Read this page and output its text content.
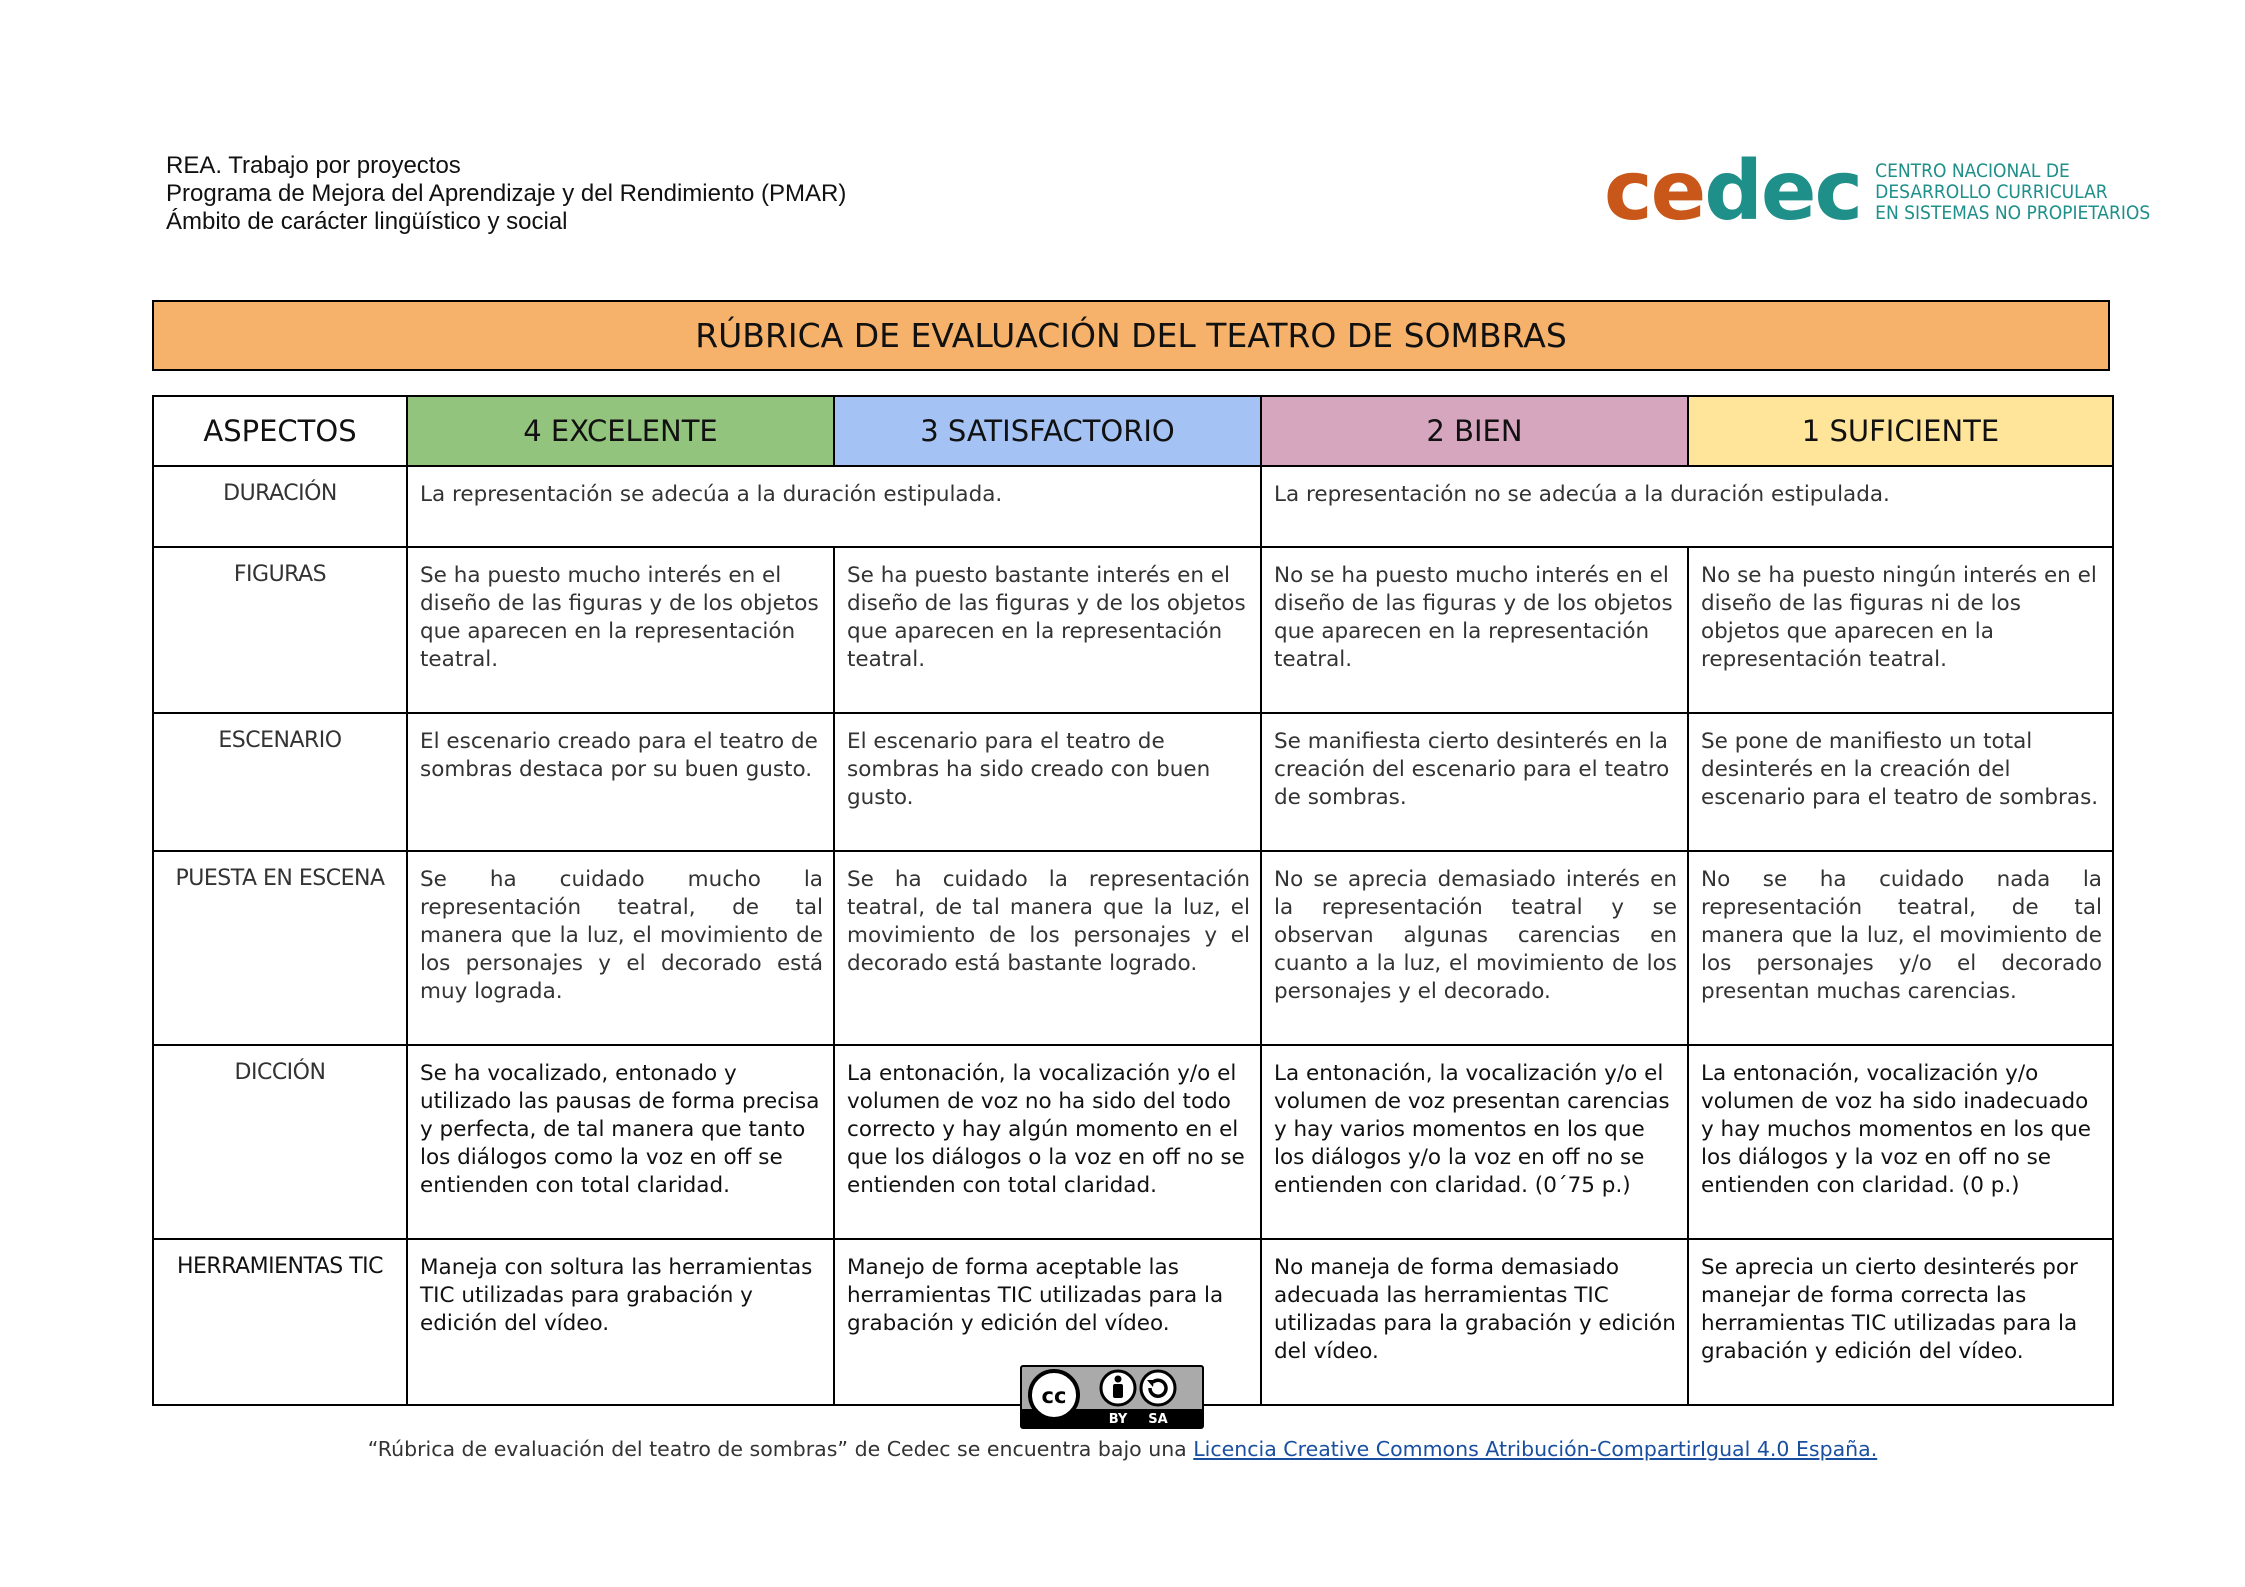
REA. Trabajo por proyectos
Programa de Mejora del Aprendizaje y del Rendimiento (PMAR)
Ámbito de carácter lingüístico y social	cedec CENTRO NACIONAL DE
DESARROLLO CURRICULAR
EN SISTEMAS NO PROPIETARIOS
RÚBRICA DE EVALUACIÓN DEL TEATRO DE SOMBRAS
ASPECTOS	4 EXCELENTE	3 SATISFACTORIO	2 BIEN	1 SUFICIENTE
DURACIÓN	La representación se adecúa a la duración estipulada.		La representación no se adecúa a la duración estipulada.	
FIGURAS	Se ha puesto mucho interés en el diseño de las figuras y de los objetos que aparecen en la representación teatral.	Se ha puesto bastante interés en el diseño de las figuras y de los objetos que aparecen en la representación teatral.	No se ha puesto mucho interés en el diseño de las figuras y de los objetos que aparecen en la representación teatral.	No se ha puesto ningún interés en el diseño de las figuras ni de los objetos que aparecen en la representación teatral.
ESCENARIO	El escenario creado para el teatro de sombras destaca por su buen gusto.	El escenario para el teatro de sombras ha sido creado con buen gusto.	Se manifiesta cierto desinterés en la creación del escenario para el teatro de sombras.	Se pone de manifiesto un total desinterés en la creación del escenario para el teatro de sombras.
PUESTA EN ESCENA	Se ha cuidado mucho la representación teatral, de tal manera que la luz, el movimiento de los personajes y el decorado está muy lograda.	Se ha cuidado la representación teatral, de tal manera que la luz, el movimiento de los personajes y el decorado está bastante logrado.	No se aprecia demasiado interés en la representación teatral y se observan algunas carencias en cuanto a la luz, el movimiento de los personajes y el decorado.	No se ha cuidado nada la representación teatral, de tal manera que la luz, el movimiento de los personajes y/o el decorado presentan muchas carencias.
DICCIÓN	Se ha vocalizado, entonado y utilizado las pausas de forma precisa y perfecta, de tal manera que tanto los diálogos como la voz en off se entienden con total claridad.	La entonación, la vocalización y/o el volumen de voz no ha sido del todo correcto y hay algún momento en el que los diálogos o la voz en off no se entienden con total claridad.	La entonación, la vocalización y/o el volumen de voz presentan carencias y hay varios momentos en los que los diálogos y/o la voz en off no se entienden con claridad. (0´75 p.)	La entonación, vocalización y/o volumen de voz ha sido inadecuado y hay muchos momentos en los que los diálogos y la voz en off no se entienden con claridad. (0 p.)
HERRAMIENTAS TIC	Maneja con soltura las herramientas TIC utilizadas para grabación y edición del vídeo.	Manejo de forma aceptable las herramientas TIC utilizadas para la grabación y edición del vídeo.	No maneja de forma demasiado adecuada las herramientas TIC utilizadas para la grabación y edición del vídeo.	Se aprecia un cierto desinterés por manejar de forma correcta las herramientas TIC utilizadas para la grabación y edición del vídeo.
cc
BY SA
“Rúbrica de evaluación del teatro de sombras” de Cedec se encuentra bajo una Licencia Creative Commons Atribución-CompartirIgual 4.0 España.
